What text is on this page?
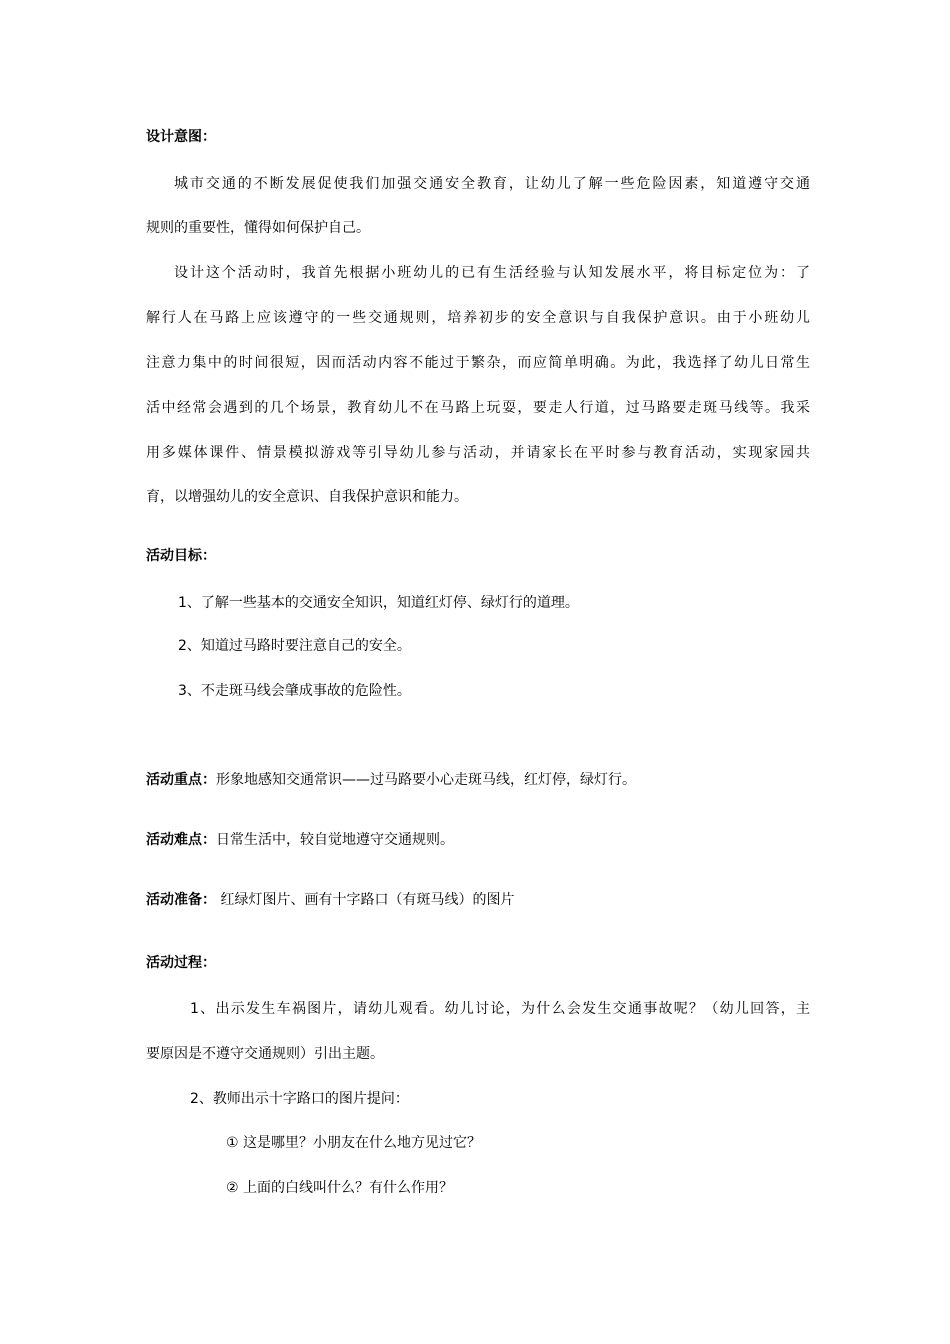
设计意图：
城市交通的不断发展促使我们加强交通安全教育，让幼儿了解一些危险因素，知道遵守交通
规则的重要性，懂得如何保护自己。
设计这个活动时，我首先根据小班幼儿的已有生活经验与认知发展水平，将目标定位为：了
解行人在马路上应该遵守的一些交通规则，培养初步的安全意识与自我保护意识。由于小班幼儿
注意力集中的时间很短，因而活动内容不能过于繁杂，而应简单明确。为此，我选择了幼儿日常生
活中经常会遇到的几个场景，教育幼儿不在马路上玩耍，要走人行道，过马路要走斑马线等。我采
用多媒体课件、情景模拟游戏等引导幼儿参与活动，并请家长在平时参与教育活动，实现家园共
育，以增强幼儿的安全意识、自我保护意识和能力。
活动目标：
1、了解一些基本的交通安全知识，知道红灯停、绿灯行的道理。
2、知道过马路时要注意自己的安全。
3、不走斑马线会肇成事故的危险性。
活动重点：形象地感知交通常识——过马路要小心走斑马线，红灯停，绿灯行。
活动难点：日常生活中，较自觉地遵守交通规则。
活动准备： 红绿灯图片、画有十字路口（有斑马线）的图片
活动过程：
1、出示发生车祸图片，请幼儿观看。幼儿讨论，为什么会发生交通事故呢？（幼儿回答，主
要原因是不遵守交通规则）引出主题。
2、教师出示十字路口的图片提问：
① 这是哪里？小朋友在什么地方见过它？
② 上面的白线叫什么？有什么作用？
